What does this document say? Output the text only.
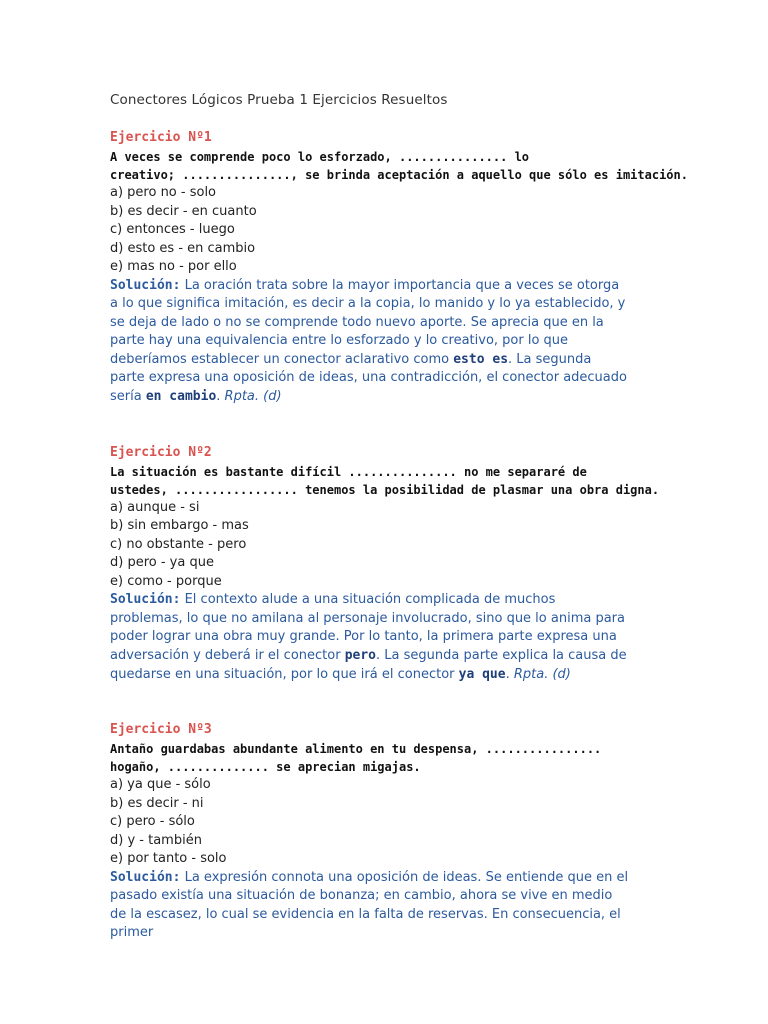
Conectores Lógicos Prueba 1 Ejercicios Resueltos
Ejercicio Nº1
A veces se comprende poco lo esforzado, ............... lo
creativo; ..............., se brinda aceptación a aquello que sólo es imitación.
a) pero no - solo
b) es decir - en cuanto
c) entonces - luego
d) esto es - en cambio
e) mas no - por ello

Solución: La oración trata sobre la mayor importancia que a veces se otorga a lo que significa imitación, es decir a la copia, lo manido y lo ya establecido, y se deja de lado o no se comprende todo nuevo aporte. Se aprecia que en la parte hay una equivalencia entre lo esforzado y lo creativo, por lo que deberíamos establecer un conector aclarativo como esto es. La segunda parte expresa una oposición de ideas, una contradicción, el conector adecuado sería en cambio. Rpta. (d)

Ejercicio Nº2
La situación es bastante difícil ............... no me separaré de
ustedes, ................. tenemos la posibilidad de plasmar una obra digna.
a) aunque - si
b) sin embargo - mas
c) no obstante - pero
d) pero - ya que
e) como - porque

Solución: El contexto alude a una situación complicada de muchos problemas, lo que no amilana al personaje involucrado, sino que lo anima para poder lograr una obra muy grande. Por lo tanto, la primera parte expresa una adversación y deberá ir el conector pero. La segunda parte explica la causa de quedarse en una situación, por lo que irá el conector ya que. Rpta. (d)

Ejercicio Nº3
Antaño guardabas abundante alimento en tu despensa, ................
hogaño, .............. se aprecian migajas.
a) ya que - sólo
b) es decir - ni
c) pero - sólo
d) y - también
e) por tanto - solo

Solución: La expresión connota una oposición de ideas. Se entiende que en el pasado existía una situación de bonanza; en cambio, ahora se vive en medio de la escasez, lo cual se evidencia en la falta de reservas. En consecuencia, el primer
